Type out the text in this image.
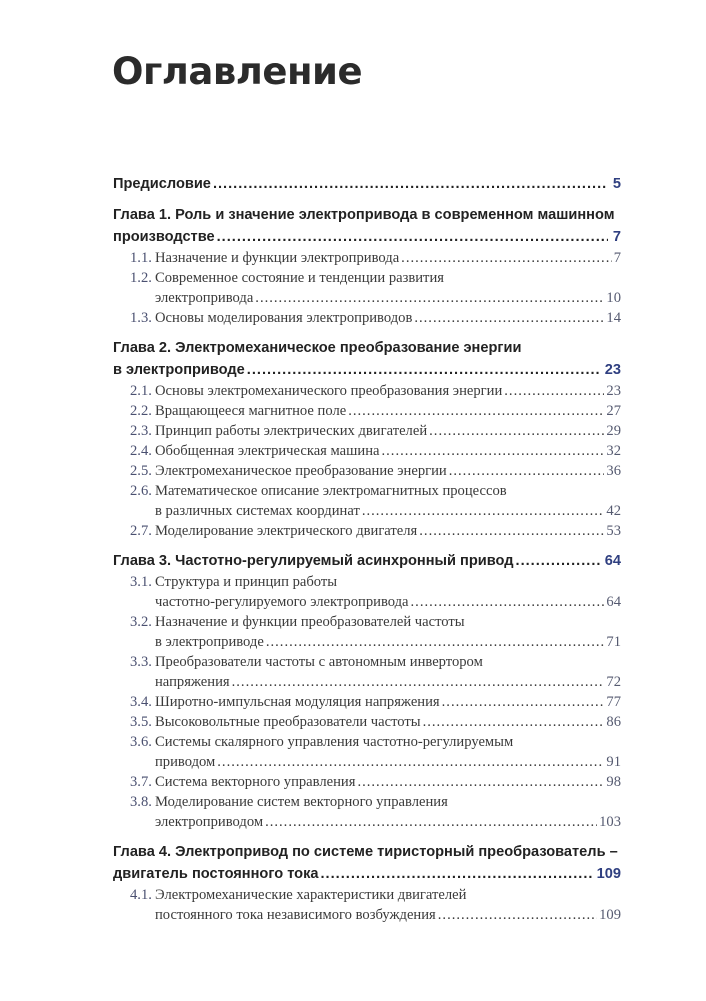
Оглавление
Предисловие .....	5
Глава 1. Роль и значение электропривода в современном машинном
производстве .....	7
1.1. Назначение и функции электропривода .....	7
1.2. Современное состояние и тенденции развития
электропривода .....	10
1.3. Основы моделирования электроприводов .....	14
Глава 2. Электромеханическое преобразование энергии
в электроприводе .....	23
2.1. Основы электромеханического преобразования энергии .....	23
2.2. Вращающееся магнитное поле .....	27
2.3. Принцип работы электрических двигателей .....	29
2.4. Обобщенная электрическая машина .....	32
2.5. Электромеханическое преобразование энергии .....	36
2.6. Математическое описание электромагнитных процессов
в различных системах координат .....	42
2.7. Моделирование электрического двигателя .....	53
Глава 3. Частотно-регулируемый асинхронный привод .....	64
3.1. Структура и принцип работы
частотно-регулируемого электропривода .....	64
3.2. Назначение и функции преобразователей частоты
в электроприводе .....	71
3.3. Преобразователи частоты с автономным инвертором
напряжения .....	72
3.4. Широтно-импульсная модуляция напряжения .....	77
3.5. Высоковольтные преобразователи частоты .....	86
3.6. Системы скалярного управления частотно-регулируемым
приводом .....	91
3.7. Система векторного управления .....	98
3.8. Моделирование систем векторного управления
электроприводом .....	103
Глава 4. Электропривод по системе тиристорный преобразователь –
двигатель постоянного тока .....	109
4.1. Электромеханические характеристики двигателей
постоянного тока независимого возбуждения .....	109
